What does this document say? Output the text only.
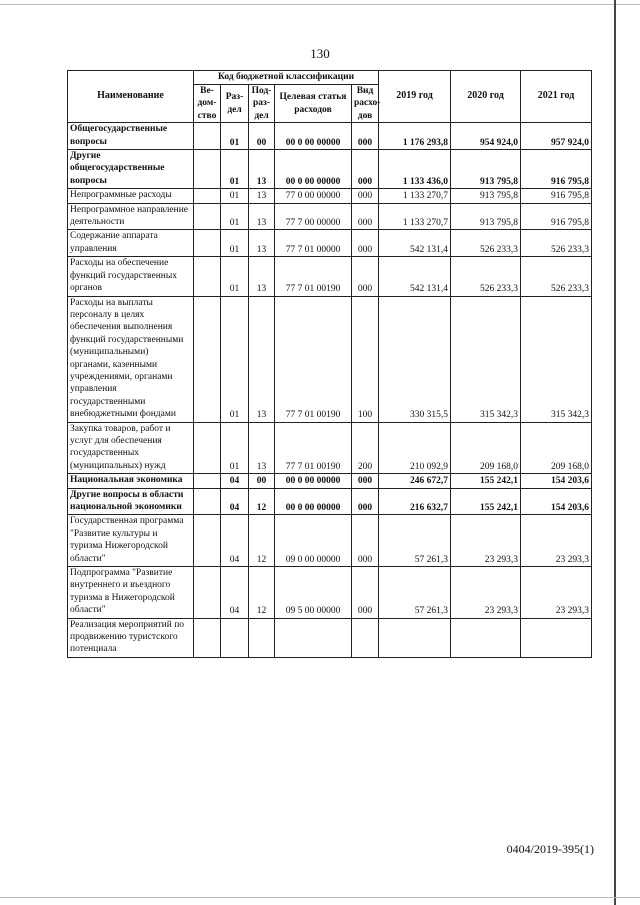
130
Наименование	Код бюджетной классификации					2019 год	2020 год	2021 год
	Ве-дом-ство	Раз-дел	Под-раз-дел	Целевая статья расходов	Вид расхо-дов			
Общегосударственные вопросы		01	00	00 0 00 00000	000	1 176 293,8	954 924,0	957 924,0
Другие общегосударственные вопросы		01	13	00 0 00 00000	000	1 133 436,0	913 795,8	916 795,8
Непрограммные расходы		01	13	77 0 00 00000	000	1 133 270,7	913 795,8	916 795,8
Непрограммное направление деятельности		01	13	77 7 00 00000	000	1 133 270,7	913 795,8	916 795,8
Содержание аппарата управления		01	13	77 7 01 00000	000	542 131,4	526 233,3	526 233,3
Расходы на обеспечение функций государственных органов		01	13	77 7 01 00190	000	542 131,4	526 233,3	526 233,3
Расходы на выплаты персоналу в целях обеспечения выполнения функций государственными (муниципальными) органами, казенными учреждениями, органами управления государственными внебюджетными фондами		01	13	77 7 01 00190	100	330 315,5	315 342,3	315 342,3
Закупка товаров, работ и услуг для обеспечения государственных (муниципальных) нужд		01	13	77 7 01 00190	200	210 092,9	209 168,0	209 168,0
Национальная экономика		04	00	00 0 00 00000	000	246 672,7	155 242,1	154 203,6
Другие вопросы в области национальной экономики		04	12	00 0 00 00000	000	216 632,7	155 242,1	154 203,6
Государственная программа "Развитие культуры и туризма Нижегородской области"		04	12	09 0 00 00000	000	57 261,3	23 293,3	23 293,3
Подпрограмма "Развитие внутреннего и въездного туризма в Нижегородской области"		04	12	09 5 00 00000	000	57 261,3	23 293,3	23 293,3
Реализация мероприятий по продвижению туристского потенциала								
0404/2019-395(1)
